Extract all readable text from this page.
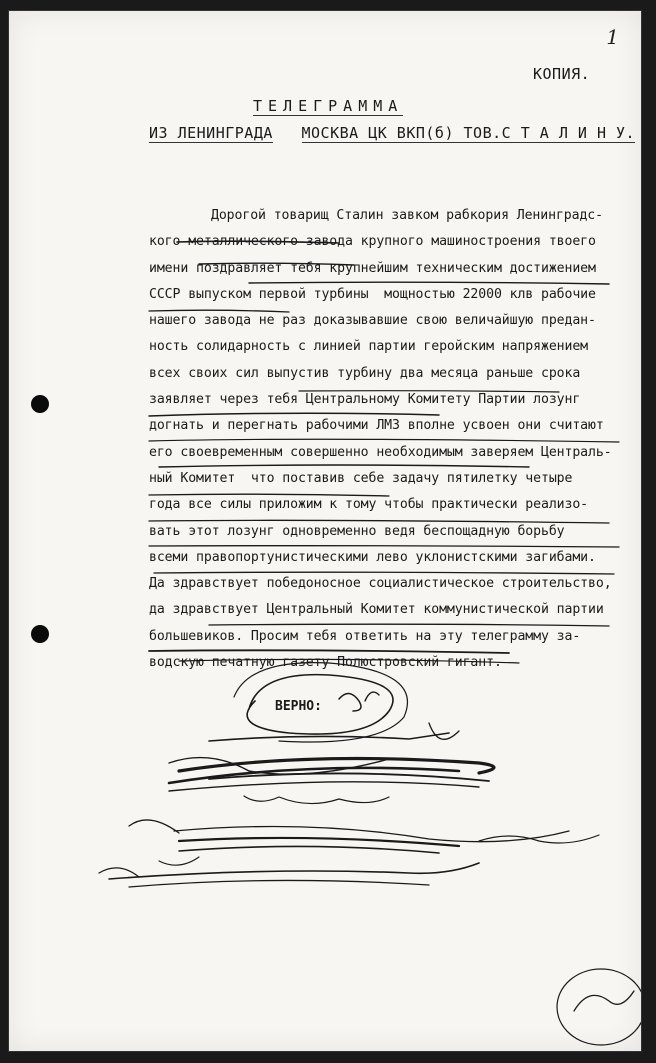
1
КОПИЯ.
ТЕЛЕГРАММА
ИЗ ЛЕНИНГРАДА МОСКВА ЦК ВКП(б) ТОВ.С Т А Л И Н У.
Дорогой товарищ Сталин завком рабкория Ленинградс-
кого металлического завода крупного машиностроения твоего
имени поздравляет тебя крупнейшим техническим достижением
СССР выпуском первой турбины  мощностью 22000 клв рабочие
нашего завода не раз доказывавшие свою величайшую предан-
ность солидарность с линией партии геройским напряжением
всех своих сил выпустив турбину два месяца раньше срока
заявляет через тебя Центральному Комитету Партии лозунг
догнать и перегнать рабочими ЛМЗ вполне усвоен они считают
его своевременным совершенно необходимым заверяем Централь-
ный Комитет  что поставив себе задачу пятилетку четыре
года все силы приложим к тому чтобы практически реализо-
вать этот лозунг одновременно ведя беспощадную борьбу
всеми правопортунистическими лево уклонистскими загибами.
Да здравствует победоносное социалистическое строительство,
да здравствует Центральный Комитет коммунистической партии
большевиков. Просим тебя ответить на эту телеграмму за-
водскую печатную газету Полюстровский гигант.
ВЕРНО:
